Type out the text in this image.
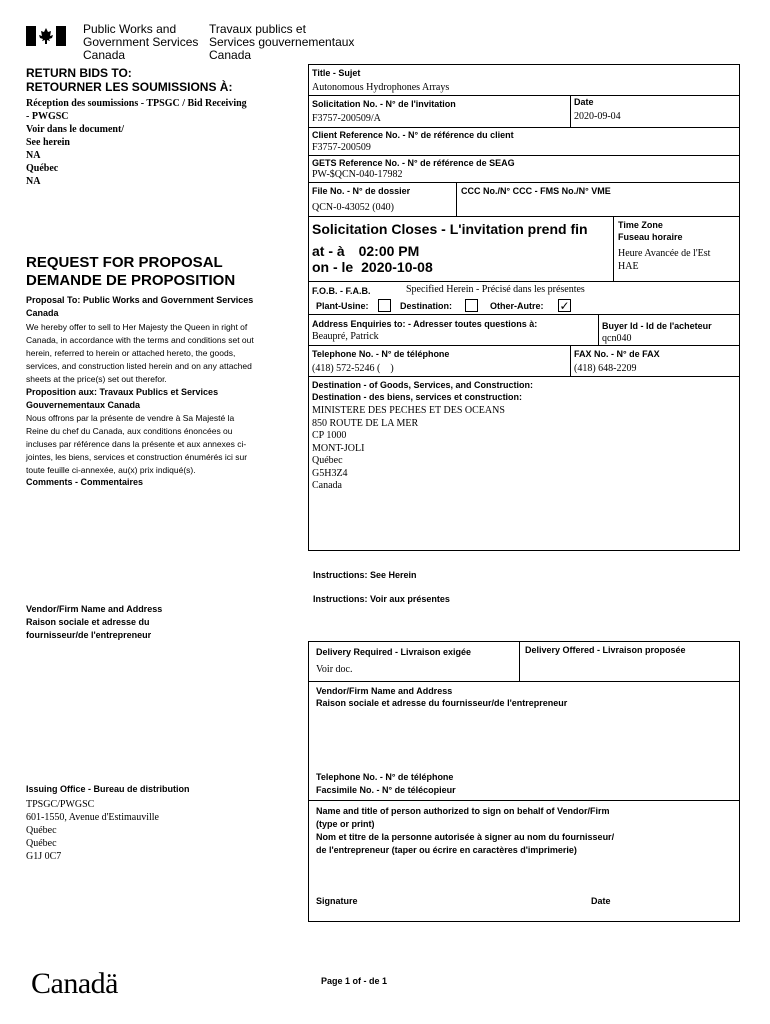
Public Works and
Government Services
Canada
Travaux publics et
Services gouvernementaux
Canada
RETURN BIDS TO:
RETOURNER LES SOUMISSIONS À:
Réception des soumissions - TPSGC / Bid Receiving
- PWGSC
Voir dans le document/
See herein
NA
Québec
NA
REQUEST FOR PROPOSAL
DEMANDE DE PROPOSITION
Proposal To: Public Works and Government Services Canada
We hereby offer to sell to Her Majesty the Queen in right of Canada, in accordance with the terms and conditions set out herein, referred to herein or attached hereto, the goods, services, and construction listed herein and on any attached sheets at the price(s) set out therefor.
Proposition aux: Travaux Publics et Services Gouvernementaux Canada
Nous offrons par la présente de vendre à Sa Majesté la Reine du chef du Canada, aux conditions énoncées ou incluses par référence dans la présente et aux annexes ci-jointes, les biens, services et construction énumérés ici sur toute feuille ci-annexée, au(x) prix indiqué(s).
Comments - Commentaires
Vendor/Firm Name and Address
Raison sociale et adresse du
fournisseur/de l'entrepreneur
Issuing Office - Bureau de distribution
TPSGC/PWGSC
601-1550, Avenue d'Estimauville
Québec
Québec
G1J 0C7
Title - Sujet
Autonomous Hydrophones Arrays
Solicitation No. - N° de l'invitation
F3757-200509/A
Date
2020-09-04
Client Reference No. - N° de référence du client
F3757-200509
GETS Reference No. - N° de référence de SEAG
PW-$QCN-040-17982
File No. - N° de dossier
QCN-0-43052 (040)
CCC No./N° CCC - FMS No./N° VME
Solicitation Closes - L'invitation prend fin
at - à 02:00 PM
on - le 2020-10-08
Time Zone
Fuseau horaire
Heure Avancée de l'Est
HAE
F.O.B. - F.A.B.	Specified Herein - Précisé dans les présentes
Plant-Usine:	Destination:	Other-Autre: ✓
Address Enquiries to: - Adresser toutes questions à:
Beaupré, Patrick
Buyer Id - Id de l'acheteur
qcn040
Telephone No. - N° de téléphone
(418) 572-5246 (    )
FAX No. - N° de FAX
(418) 648-2209
Destination - of Goods, Services, and Construction:
Destination - des biens, services et construction:
MINISTERE DES PECHES ET DES OCEANS
850 ROUTE DE LA MER
CP 1000
MONT-JOLI
Québec
G5H3Z4
Canada
Instructions: See Herein
Instructions: Voir aux présentes
Delivery Required - Livraison exigée
Voir doc.
Delivery Offered - Livraison proposée
Vendor/Firm Name and Address
Raison sociale et adresse du fournisseur/de l'entrepreneur
Telephone No. - N° de téléphone
Facsimile No. - N° de télécopieur
Name and title of person authorized to sign on behalf of Vendor/Firm
(type or print)
Nom et titre de la personne autorisée à signer au nom du fournisseur/
de l'entrepreneur (taper ou écrire en caractères d'imprimerie)
Signature	Date
Canadä	Page 1 of - de 1
